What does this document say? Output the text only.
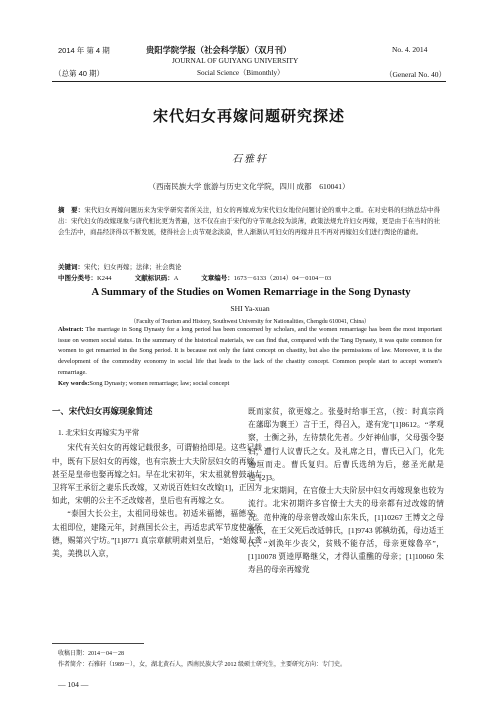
2014 年 第 4 期
（总第 40 期）
贵阳学院学报（社会科学版）（双月刊）
JOURNAL OF GUIYANG UNIVERSITY
Social Science（Bimonthly）
No. 4. 2014
（General No. 40）
宋代妇女再嫁问题研究探述
石雅轩
（西南民族大学 旅游与历史文化学院，四川 成都　610041）
摘　要：宋代妇女再嫁问题历来为宋学研究者所关注，妇女的再嫁成为宋代妇女地位问题讨论的重中之重。在对史料的归纳总结中得出：宋代妇女的改嫁现象与唐代相比更为普遍，这不仅在由于宋代的守节观念较为淡薄，政策法规允许妇女再嫁，更是由于在当时的社会生活中，商品经济得以不断发展，使得社会上贞节观念淡漠，世人渐渐认可妇女的再嫁并且不再对再嫁妇女们进行舆论的谴责。
关键词：宋代；妇女再嫁；法律；社会舆论
中图分类号：K244	文献标识码：A	文章编号：1673－6133（2014）04－0104－03
A Summary of the Studies on Women Remarriage in the Song Dynasty
SHI Ya-xuan
（Faculty of Tourism and History, Southwest University for Nationalities, Chengdu 610041, China）
Abstract: The marriage in Song Dynasty for a long period has been concerned by scholars, and the women remarriage has been the most important issue on women social status. In the summary of the historical materials, we can find that, compared with the Tang Dynasty, it was quite common for women to get remarried in the Song period. It is because not only the faint concept on chastity, but also the permissions of law. Moreover, it is the development of the commodity economy in social life that leads to the lack of the chastity concept. Common people start to accept women’s remarriage.
Key words:Song Dynasty; women remarriage; law; social concept

一、宋代妇女再嫁现象简述

1. 北宋妇女再嫁实为平常

宋代有关妇女的再嫁记载很多，可谓俯拾即是。这些记载中，既有下层妇女的再嫁，也有宗族士大夫阶层妇女的再嫁，甚至是皇帝也娶再嫁之妇。早在北宋初年，宋太祖就曾鼓动左卫将军王承衍之妻乐氏改嫁，又劝说百姓妇女改嫁[1]，正因为如此，宋朝的公主不乏改嫁者，皇后也有再嫁之女。

“泰国大长公主，太祖同母妹也。初适米福德，福德卒。太祖即位，建隆元年，封燕国长公主，再适忠武军节度使高怀德，赐第兴宁坊。”[1]8771 真宗章献明肃刘皇后，“始嫁蜀人龚美，美携以入京，

既而家贫，欲更嫁之。张曼时给事王宫，（按：时真宗尚在藩邸为襄王）言于王，得召入，遂有宠”[1]8612。“孝观察，士衡之孙，左待禁化先者。少好神仙事，父母强令娶妇，遭行人议曹氏之女。及礼席之日，曹氏已入门，化先逾垣而走。曹氏复归。后曹氏选纳为后，慈圣光献是也”[2]3。

北宋期间，在官僚士大夫阶层中妇女再嫁现象也较为流行。北宋初期许多官僚士大夫的母亲都有过改嫁的情况。范仲淹的母亲曾改嫁山东朱氏，[1]10267 王博文之母张氏，在王父死后改适韩氏，[1]9743 郭稹幼孤，母边适王氏；“刘涣年少丧父，贫贱不能存活，母亲更嫁魯卒”，[1]10078 贾逵厚略继父，才得认重醮的母亲；[1]10060 朱寿昌的母亲再嫁党

收稿日期：2014－04－28
作者简介：石雅轩（1989－），女，湖北黄石人，西南民族大学 2012 级硕士研究生，主要研究方向：专门史。
— 104 —
